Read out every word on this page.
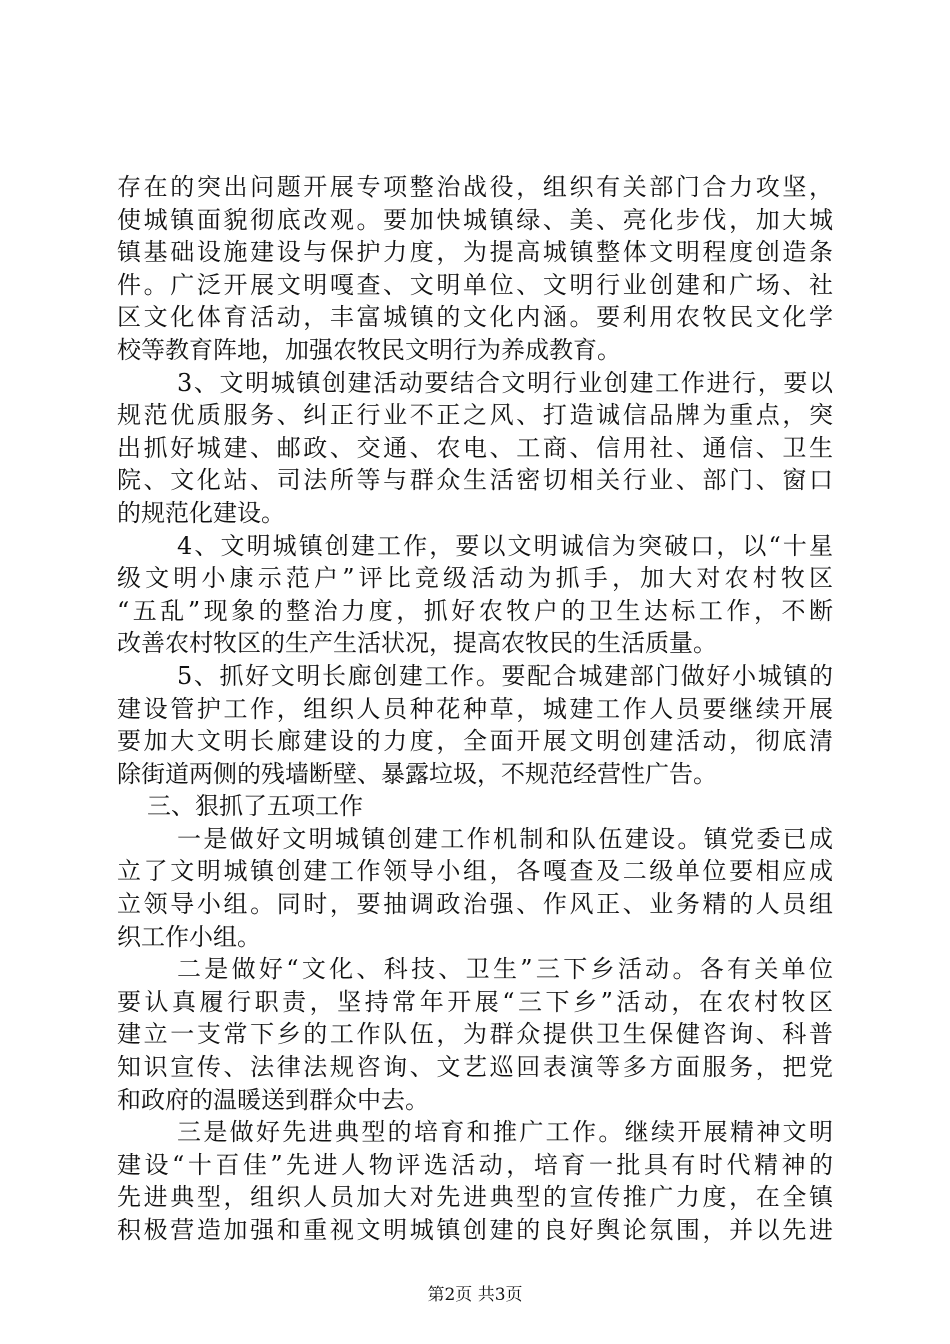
存在的突出问题开展专项整治战役，组织有关部门合力攻坚，
使城镇面貌彻底改观。要加快城镇绿、美、亮化步伐，加大城
镇基础设施建设与保护力度，为提高城镇整体文明程度创造条
件。广泛开展文明嘎查、文明单位、文明行业创建和广场、社
区文化体育活动，丰富城镇的文化内涵。要利用农牧民文化学
校等教育阵地，加强农牧民文明行为养成教育。
3、文明城镇创建活动要结合文明行业创建工作进行，要以
规范优质服务、纠正行业不正之风、打造诚信品牌为重点，突
出抓好城建、邮政、交通、农电、工商、信用社、通信、卫生
院、文化站、司法所等与群众生活密切相关行业、部门、窗口
的规范化建设。
4、文明城镇创建工作，要以文明诚信为突破口，以“十星
级文明小康示范户”评比竞级活动为抓手，加大对农村牧区
“五乱”现象的整治力度，抓好农牧户的卫生达标工作，不断
改善农村牧区的生产生活状况，提高农牧民的生活质量。
5、抓好文明长廊创建工作。要配合城建部门做好小城镇的
建设管护工作，组织人员种花种草，城建工作人员要继续开展
要加大文明长廊建设的力度，全面开展文明创建活动，彻底清
除街道两侧的残墙断壁、暴露垃圾，不规范经营性广告。
三、狠抓了五项工作
一是做好文明城镇创建工作机制和队伍建设。镇党委已成
立了文明城镇创建工作领导小组，各嘎查及二级单位要相应成
立领导小组。同时，要抽调政治强、作风正、业务精的人员组
织工作小组。
二是做好“文化、科技、卫生”三下乡活动。各有关单位
要认真履行职责，坚持常年开展“三下乡”活动，在农村牧区
建立一支常下乡的工作队伍，为群众提供卫生保健咨询、科普
知识宣传、法律法规咨询、文艺巡回表演等多方面服务，把党
和政府的温暖送到群众中去。
三是做好先进典型的培育和推广工作。继续开展精神文明
建设“十百佳”先进人物评选活动，培育一批具有时代精神的
先进典型，组织人员加大对先进典型的宣传推广力度，在全镇
积极营造加强和重视文明城镇创建的良好舆论氛围，并以先进
第2页 共3页
